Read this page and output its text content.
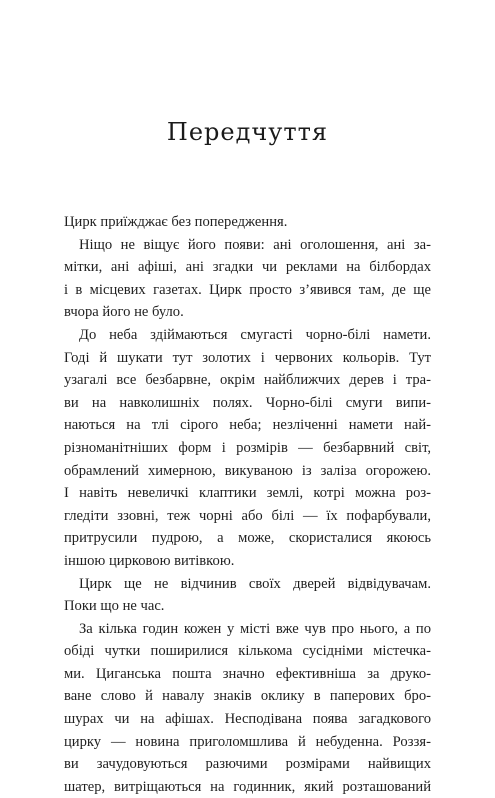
Передчуття
Цирк приїжджає без попередження.
Ніщо не віщує його появи: ані оголошення, ані за-
мітки, ані афіші, ані згадки чи реклами на білбордах
і в місцевих газетах. Цирк просто з’явився там, де ще
вчора його не було.
До неба здіймаються смугасті чорно-білі намети.
Годі й шукати тут золотих і червоних кольорів. Тут
узагалі все безбарвне, окрім найближчих дерев і тра-
ви на навколишніх полях. Чорно-білі смуги випи-
наються на тлі сірого неба; незліченні намети най-
різноманітніших форм і розмірів — безбарвний світ,
обрамлений химерною, викуваною із заліза огорожею.
І навіть невеличкі клаптики землі, котрі можна роз-
гледіти ззовні, теж чорні або білі — їх пофарбували,
притрусили пудрою, а може, скористалися якоюсь
іншою цирковою витівкою.
Цирк ще не відчинив своїх дверей відвідувачам.
Поки що не час.
За кілька годин кожен у місті вже чув про нього, а по
обіді чутки поширилися кількома сусідніми містечка-
ми. Циганська пошта значно ефективніша за друко-
ване слово й навалу знаків оклику в паперових бро-
шурах чи на афішах. Несподівана поява загадкового
цирку — новина приголомшлива й небуденна. Роззя-
ви зачудовуються разючими розмірами найвищих
шатер, витріщаються на годинник, який розташований
